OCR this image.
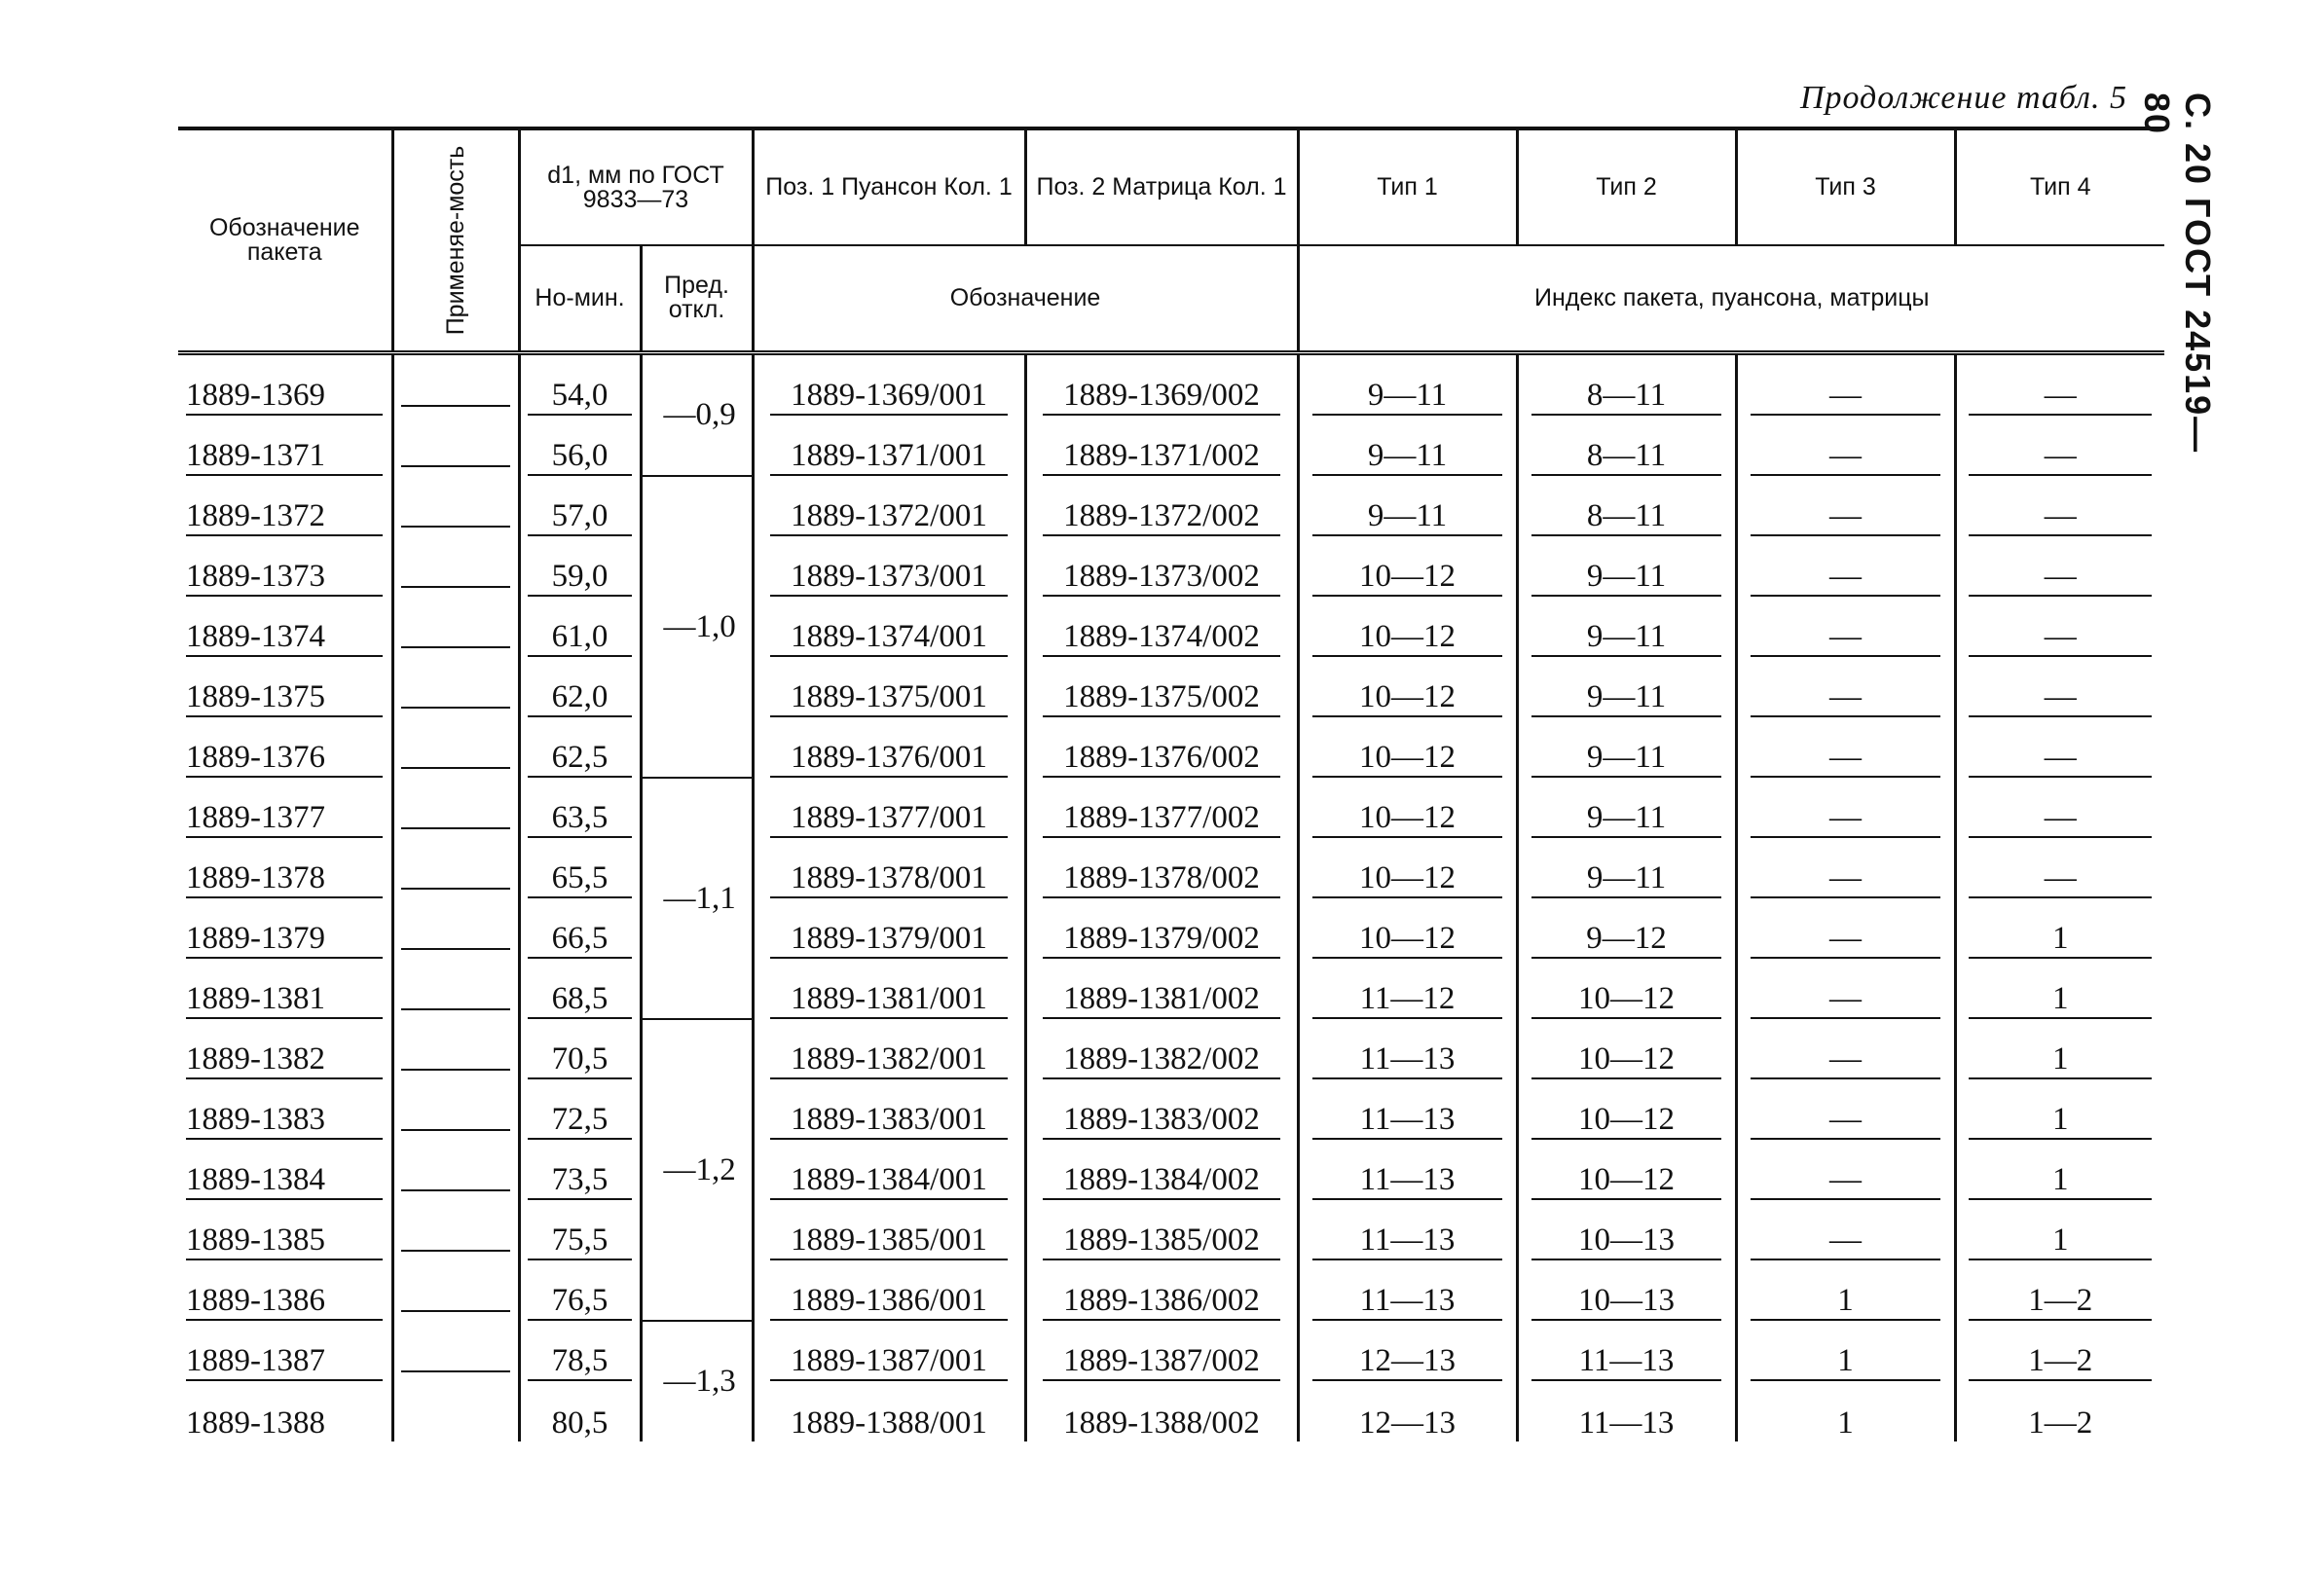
Продолжение табл. 5	С. 20 ГОСТ 24519—80
Обозначение пакета	Применяе-мость	d1, мм по ГОСТ 9833—73		Поз. 1 Пуансон Кол. 1	Поз. 2 Матрица Кол. 1	Тип 1	Тип 2	Тип 3	Тип 4
		Но-мин.	Пред. откл.	Обозначение		Индекс пакета, пуансона, матрицы			
1889-1369		54,0	—0,9	1889-1369/001	1889-1369/002	9—11	8—11	—	—
1889-1371		56,0		1889-1371/001	1889-1371/002	9—11	8—11	—	—
1889-1372		57,0	—1,0	1889-1372/001	1889-1372/002	9—11	8—11	—	—
1889-1373		59,0		1889-1373/001	1889-1373/002	10—12	9—11	—	—
1889-1374		61,0		1889-1374/001	1889-1374/002	10—12	9—11	—	—
1889-1375		62,0		1889-1375/001	1889-1375/002	10—12	9—11	—	—
1889-1376		62,5		1889-1376/001	1889-1376/002	10—12	9—11	—	—
1889-1377		63,5	—1,1	1889-1377/001	1889-1377/002	10—12	9—11	—	—
1889-1378		65,5		1889-1378/001	1889-1378/002	10—12	9—11	—	—
1889-1379		66,5		1889-1379/001	1889-1379/002	10—12	9—12	—	1
1889-1381		68,5		1889-1381/001	1889-1381/002	11—12	10—12	—	1
1889-1382		70,5	—1,2	1889-1382/001	1889-1382/002	11—13	10—12	—	1
1889-1383		72,5		1889-1383/001	1889-1383/002	11—13	10—12	—	1
1889-1384		73,5		1889-1384/001	1889-1384/002	11—13	10—12	—	1
1889-1385		75,5		1889-1385/001	1889-1385/002	11—13	10—13	—	1
1889-1386		76,5		1889-1386/001	1889-1386/002	11—13	10—13	1	1—2
1889-1387		78,5	—1,3	1889-1387/001	1889-1387/002	12—13	11—13	1	1—2
1889-1388		80,5		1889-1388/001	1889-1388/002	12—13	11—13	1	1—2
